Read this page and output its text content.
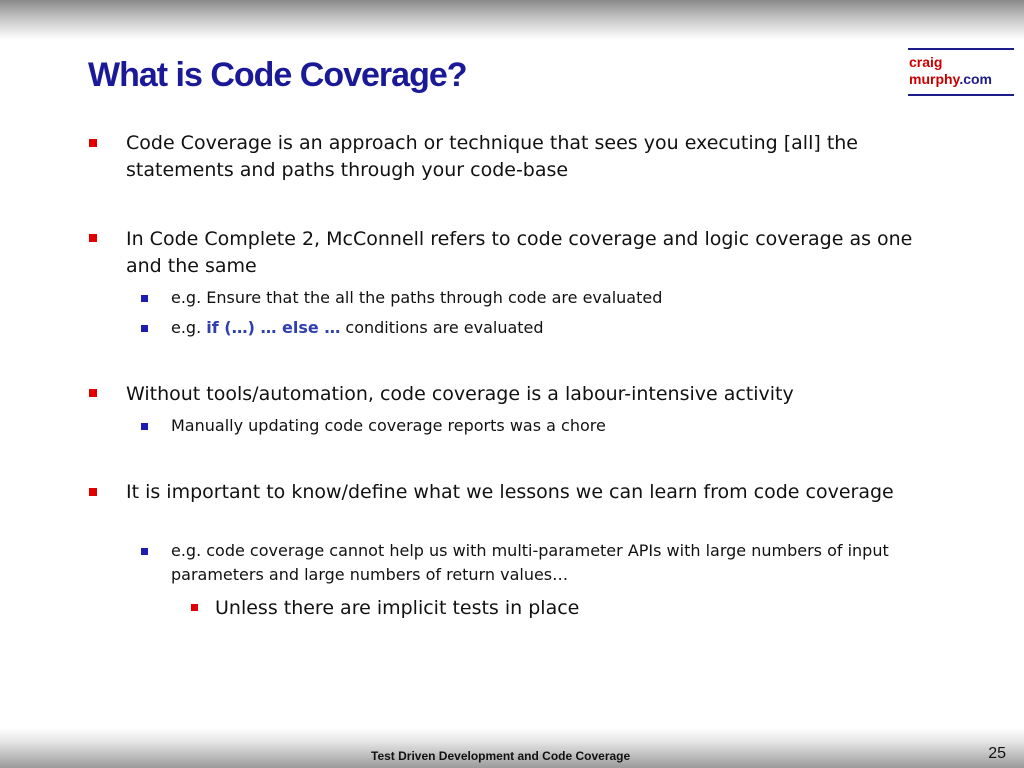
What is Code Coverage?	craig
murphy.com

Code Coverage is an approach or technique that sees you executing [all] the statements and paths through your code-base

In Code Complete 2, McConnell refers to code coverage and logic coverage as one and the same

e.g. Ensure that the all the paths through code are evaluated

e.g. if (…) … else … conditions are evaluated

Without tools/automation, code coverage is a labour-intensive activity

Manually updating code coverage reports was a chore

It is important to know/define what we lessons we can learn from code coverage

e.g. code coverage cannot help us with multi-parameter APIs with large numbers of input parameters and large numbers of return values…

Unless there are implicit tests in place

Test Driven Development and Code Coverage	25
